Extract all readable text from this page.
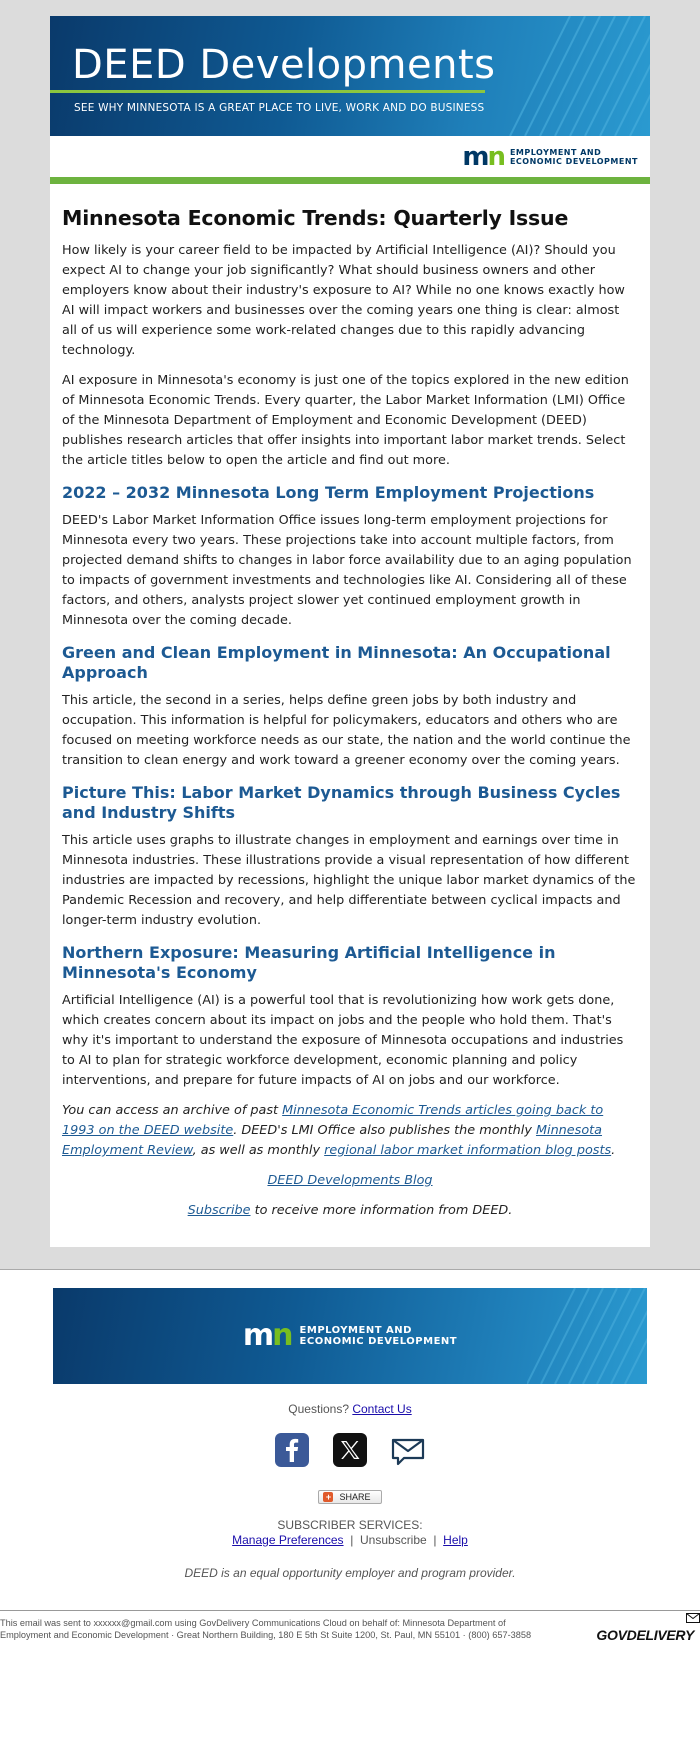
DEED Developments
SEE WHY MINNESOTA IS A GREAT PLACE TO LIVE, WORK AND DO BUSINESS
mn EMPLOYMENT AND
ECONOMIC DEVELOPMENT
Minnesota Economic Trends: Quarterly Issue

How likely is your career field to be impacted by Artificial Intelligence (AI)? Should you expect AI to change your job significantly? What should business owners and other employers know about their industry's exposure to AI? While no one knows exactly how AI will impact workers and businesses over the coming years one thing is clear: almost all of us will experience some work-related changes due to this rapidly advancing technology.

AI exposure in Minnesota's economy is just one of the topics explored in the new edition of Minnesota Economic Trends. Every quarter, the Labor Market Information (LMI) Office of the Minnesota Department of Employment and Economic Development (DEED) publishes research articles that offer insights into important labor market trends. Select the article titles below to open the article and find out more.

2022 – 2032 Minnesota Long Term Employment Projections

DEED's Labor Market Information Office issues long-term employment projections for Minnesota every two years. These projections take into account multiple factors, from projected demand shifts to changes in labor force availability due to an aging population to impacts of government investments and technologies like AI. Considering all of these factors, and others, analysts project slower yet continued employment growth in Minnesota over the coming decade.

Green and Clean Employment in Minnesota: An Occupational Approach

This article, the second in a series, helps define green jobs by both industry and occupation. This information is helpful for policymakers, educators and others who are focused on meeting workforce needs as our state, the nation and the world continue the transition to clean energy and work toward a greener economy over the coming years.

Picture This: Labor Market Dynamics through Business Cycles and Industry Shifts

This article uses graphs to illustrate changes in employment and earnings over time in Minnesota industries. These illustrations provide a visual representation of how different industries are impacted by recessions, highlight the unique labor market dynamics of the Pandemic Recession and recovery, and help differentiate between cyclical impacts and longer-term industry evolution.

Northern Exposure: Measuring Artificial Intelligence in Minnesota's Economy

Artificial Intelligence (AI) is a powerful tool that is revolutionizing how work gets done, which creates concern about its impact on jobs and the people who hold them. That's why it's important to understand the exposure of Minnesota occupations and industries to AI to plan for strategic workforce development, economic planning and policy interventions, and prepare for future impacts of AI on jobs and our workforce.

You can access an archive of past Minnesota Economic Trends articles going back to 1993 on the DEED website. DEED's LMI Office also publishes the monthly Minnesota Employment Review, as well as monthly regional labor market information blog posts.

DEED Developments Blog

Subscribe to receive more information from DEED.

mn EMPLOYMENT AND
ECONOMIC DEVELOPMENT
Questions? Contact Us
+ SHARE
SUBSCRIBER SERVICES:
Manage Preferences  |  Unsubscribe  |  Help
DEED is an equal opportunity employer and program provider.
This email was sent to xxxxxx@gmail.com using GovDelivery Communications Cloud on behalf of: Minnesota Department of
Employment and Economic Development · Great Northern Building, 180 E 5th St Suite 1200, St. Paul, MN 55101 · (800) 657-3858	GOVDELIVERY
